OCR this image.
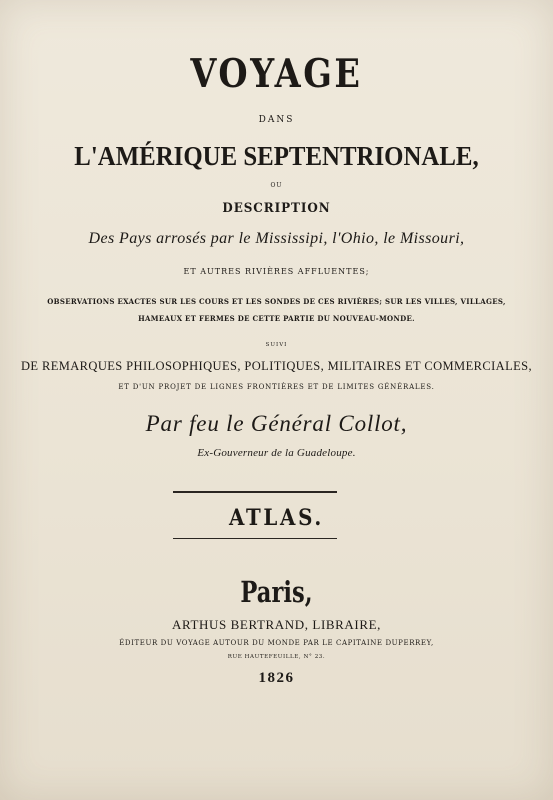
VOYAGE
DANS
L'AMÉRIQUE SEPTENTRIONALE,
OU
DESCRIPTION
Des Pays arrosés par le Mississipi, l'Ohio, le Missouri,
ET AUTRES RIVIÈRES AFFLUENTES;
OBSERVATIONS EXACTES SUR LES COURS ET LES SONDES DE CES RIVIÈRES; SUR LES VILLES, VILLAGES,
HAMEAUX ET FERMES DE CETTE PARTIE DU NOUVEAU-MONDE.
SUIVI
DE REMARQUES PHILOSOPHIQUES, POLITIQUES, MILITAIRES ET COMMERCIALES,
ET D'UN PROJET DE LIGNES FRONTIÈRES ET DE LIMITES GÉNÉRALES.
Par feu le Général Collot,
Ex-Gouverneur de la Guadeloupe.
ATLAS.
Paris,
ARTHUS BERTRAND, LIBRAIRE,
ÉDITEUR DU VOYAGE AUTOUR DU MONDE PAR LE CAPITAINE DUPERREY,
RUE HAUTEFEUILLE, N° 23.
1826
